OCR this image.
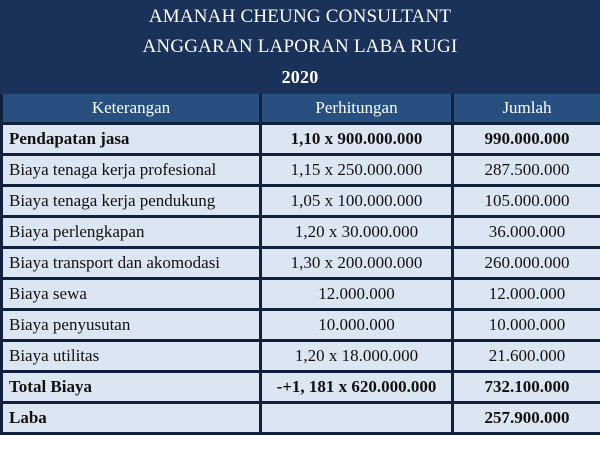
AMANAH CHEUNG CONSULTANT
ANGGARAN LAPORAN LABA RUGI
2020
Keterangan	Perhitungan	Jumlah
Pendapatan jasa	1,10 x 900.000.000	990.000.000
Biaya tenaga kerja profesional	1,15 x 250.000.000	287.500.000
Biaya tenaga kerja pendukung	1,05 x 100.000.000	105.000.000
Biaya perlengkapan	1,20 x 30.000.000	36.000.000
Biaya transport dan akomodasi	1,30 x 200.000.000	260.000.000
Biaya sewa	12.000.000	12.000.000
Biaya penyusutan	10.000.000	10.000.000
Biaya utilitas	1,20 x 18.000.000	21.600.000
Total Biaya	-+1, 181 x 620.000.000	732.100.000
Laba		257.900.000
